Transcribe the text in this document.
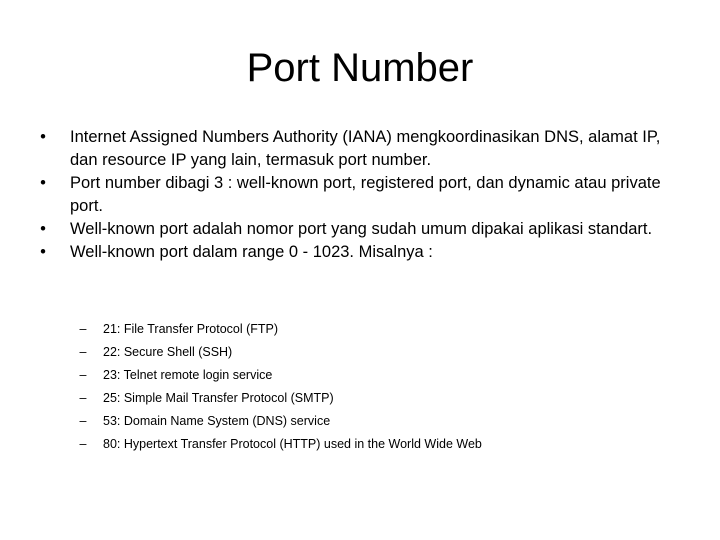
Port Number
• Internet Assigned Numbers Authority (IANA) mengkoordinasikan DNS, alamat IP, dan resource IP yang lain, termasuk port number.
• Port number dibagi 3 : well-known port, registered port, dan dynamic atau private port.
• Well-known port adalah nomor port yang sudah umum dipakai aplikasi standart.
• Well-known port dalam range 0 - 1023. Misalnya :
– 21: File Transfer Protocol (FTP)
– 22: Secure Shell (SSH)
– 23: Telnet remote login service
– 25: Simple Mail Transfer Protocol (SMTP)
– 53: Domain Name System (DNS) service
– 80: Hypertext Transfer Protocol (HTTP) used in the World Wide Web
